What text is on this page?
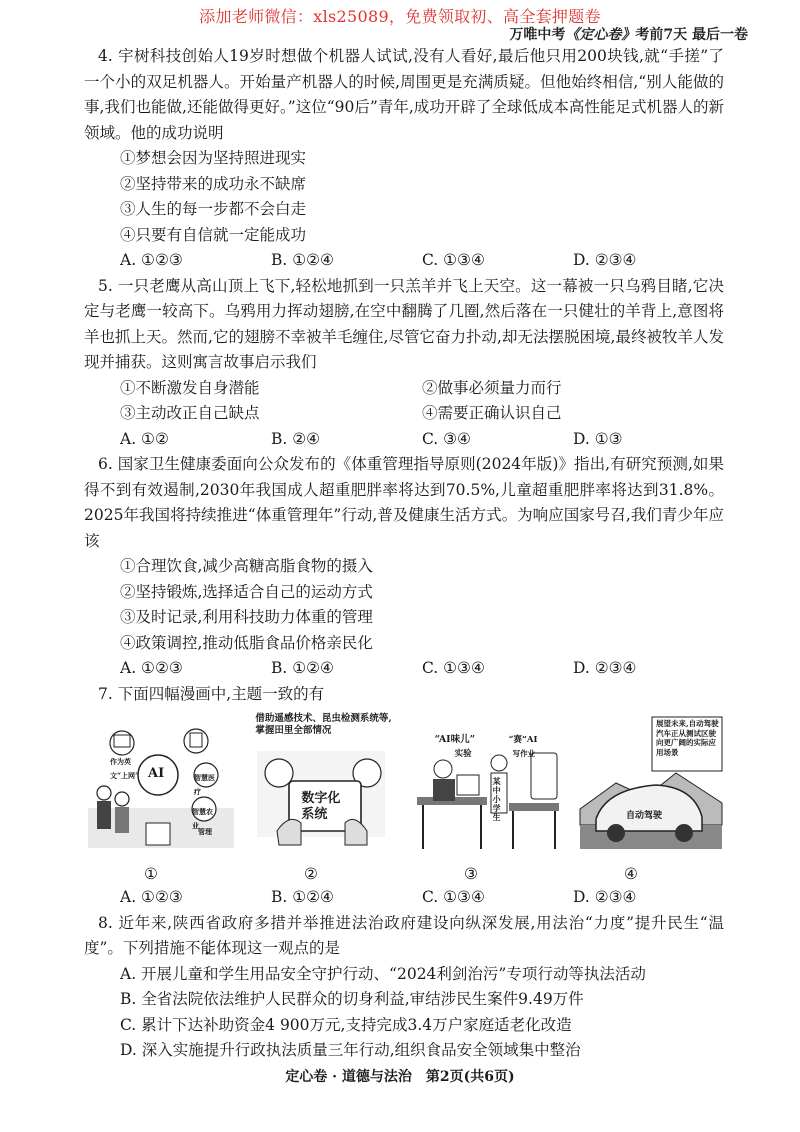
添加老师微信：xls25089，免费领取初、高全套押题卷
万唯中考《定心卷》考前7天 最后一卷

4. 宇树科技创始人19岁时想做个机器人试试,没有人看好,最后他只用200块钱,就“手搓”了一个小的双足机器人。开始量产机器人的时候,周围更是充满质疑。但他始终相信,“别人能做的事,我们也能做,还能做得更好。”这位“90后”青年,成功开辟了全球低成本高性能足式机器人的新领域。他的成功说明

①梦想会因为坚持照进现实
②坚持带来的成功永不缺席
③人生的每一步都不会白走
④只要有自信就一定能成功
A. ①②③	B. ①②④	C. ①③④	D. ②③④

5. 一只老鹰从高山顶上飞下,轻松地抓到一只羔羊并飞上天空。这一幕被一只乌鸦目睹,它决定与老鹰一较高下。乌鸦用力挥动翅膀,在空中翻腾了几圈,然后落在一只健壮的羊背上,意图将羊也抓上天。然而,它的翅膀不幸被羊毛缠住,尽管它奋力扑动,却无法摆脱困境,最终被牧羊人发现并捕获。这则寓言故事启示我们

①不断激发自身潜能	②做事必须量力而行
③主动改正自己缺点	④需要正确认识自己
A. ①②	B. ②④	C. ③④	D. ①③

6. 国家卫生健康委面向公众发布的《体重管理指导原则(2024年版)》指出,有研究预测,如果得不到有效遏制,2030年我国成人超重肥胖率将达到70.5%,儿童超重肥胖率将达到31.8%。2025年我国将持续推进“体重管理年”行动,普及健康生活方式。为响应国家号召,我们青少年应该

①合理饮食,减少高糖高脂食物的摄入
②坚持锻炼,选择适合自己的运动方式
③及时记录,利用科技助力体重的管理
④政策调控,推动低脂食品价格亲民化
A. ①②③	B. ①②④	C. ①③④	D. ②③④

7. 下面四幅漫画中,主题一致的有

AI
作为英文“上网”	智慧医疗
智慧农业
管理
借助遥感技术、昆虫检测系统等,掌握田里全部情况
数字化系统
“AI味儿”
实验
“赛”AI
写作业
某中小学生
展望未来,自动驾驶汽车正从测试区驶向更广阔的实际应用场景
自动驾驶
①	②	③	④
A. ①②③	B. ①②④	C. ①③④	D. ②③④

8. 近年来,陕西省政府多措并举推进法治政府建设向纵深发展,用法治“力度”提升民生“温度”。下列措施不能体现这一观点的是

A. 开展儿童和学生用品安全守护行动、“2024利剑治污”专项行动等执法活动
B. 全省法院依法维护人民群众的切身利益,审结涉民生案件9.49万件
C. 累计下达补助资金4 900万元,支持完成3.4万户家庭适老化改造
D. 深入实施提升行政执法质量三年行动,组织食品安全领域集中整治
定心卷 · 道德与法治　第2页(共6页)
